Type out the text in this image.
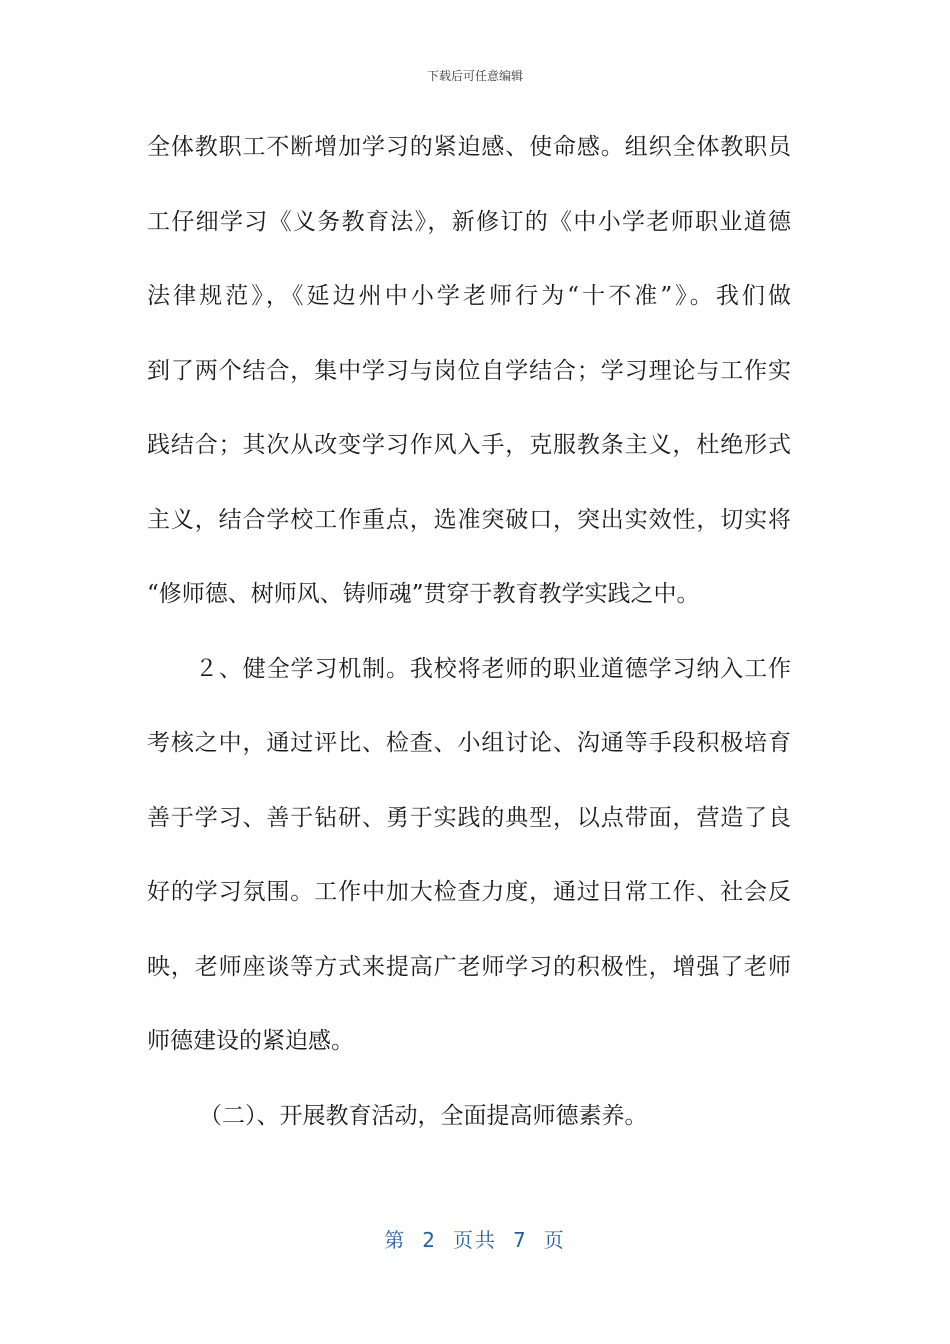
下载后可任意编辑
全体教职工不断增加学习的紧迫感、使命感。组织全体教职员
工仔细学习《义务教育法》，新修订的《中小学老师职业道德
法律规范》，《延边州中小学老师行为“十不准”》。我们做
到了两个结合，集中学习与岗位自学结合；学习理论与工作实
践结合；其次从改变学习作风入手，克服教条主义，杜绝形式
主义，结合学校工作重点，选准突破口，突出实效性，切实将
“修师德、树师风、铸师魂”贯穿于教育教学实践之中。
２、健全学习机制。我校将老师的职业道德学习纳入工作
考核之中，通过评比、检查、小组讨论、沟通等手段积极培育
善于学习、善于钻研、勇于实践的典型，以点带面，营造了良
好的学习氛围。工作中加大检查力度，通过日常工作、社会反
映，老师座谈等方式来提高广老师学习的积极性，增强了老师
师德建设的紧迫感。
（二）、开展教育活动，全面提高师德素养。
第 2 页共 7 页
